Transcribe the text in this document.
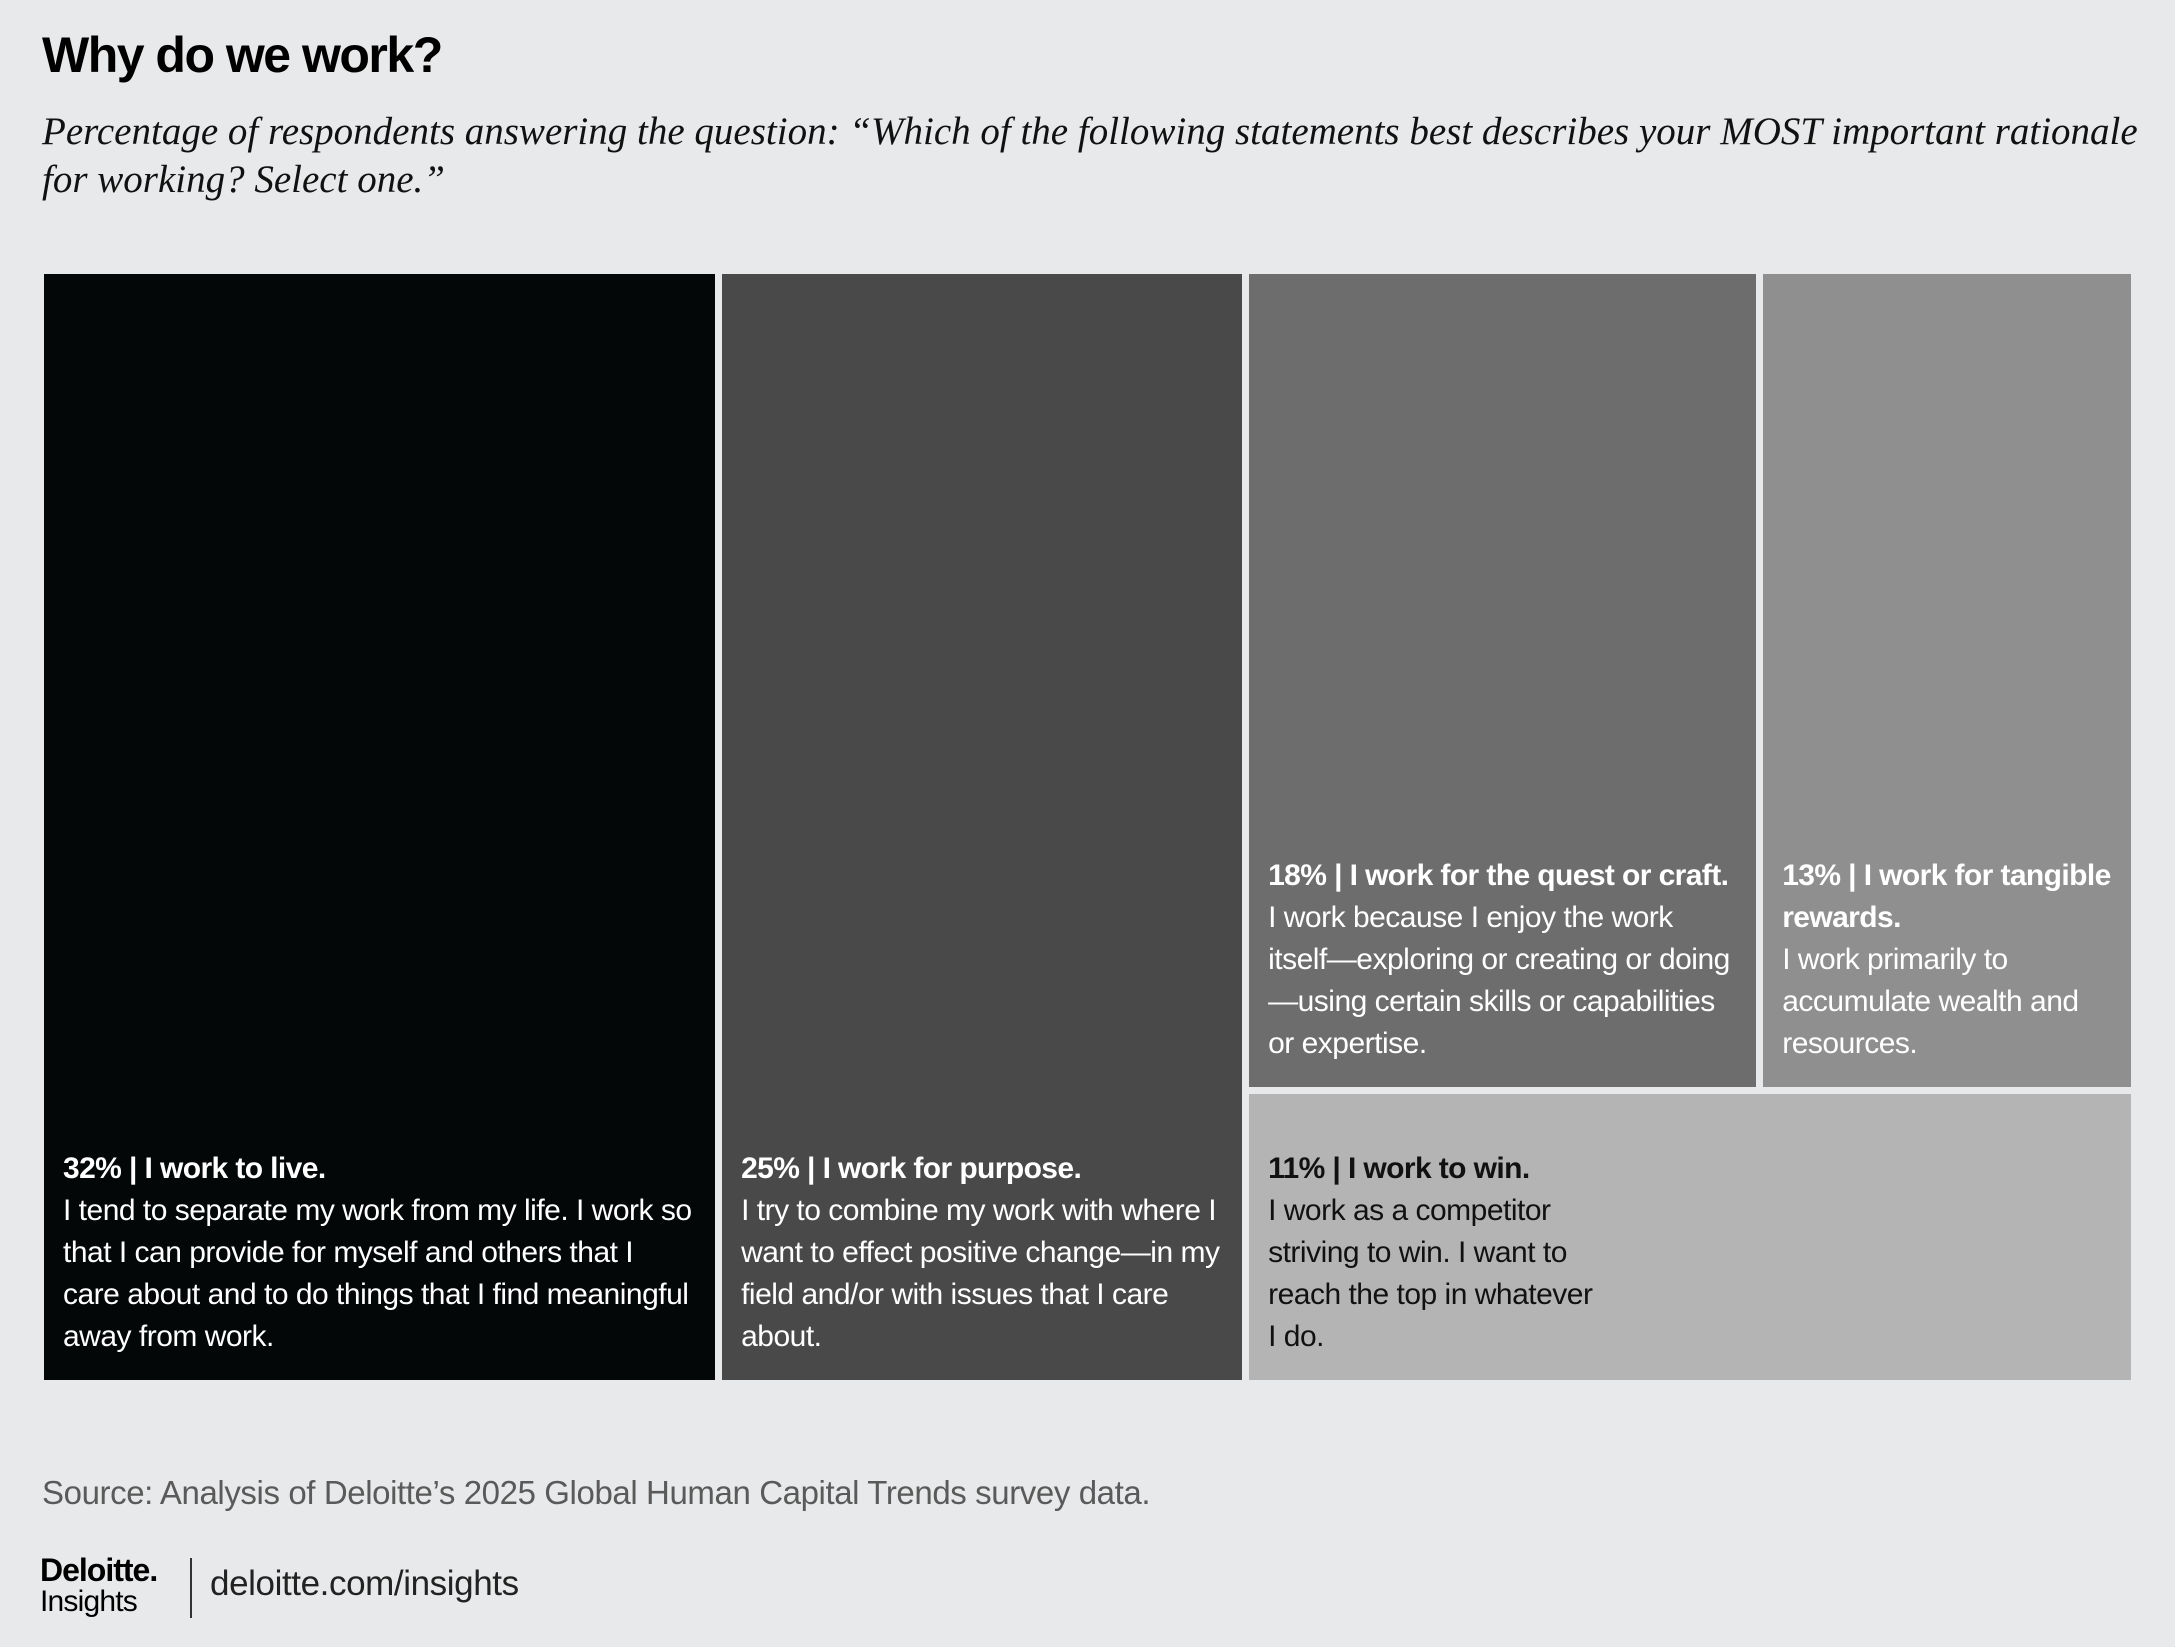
Why do we work?

Percentage of respondents answering the question: “Which of the following statements best describes your MOST important rationale for working? Select one.”

32% | I work to live.
I tend to separate my work from my life. I work so that I can provide for myself and others that I care about and to do things that I find meaningful away from work.
25% | I work for purpose.
I try to combine my work with where I want to effect positive change—in my field and/or with issues that I care about.
18% | I work for the quest or craft.
I work because I enjoy the work itself—exploring or creating or doing—using certain skills or capabilities or expertise.
13% | I work for tangible rewards.
I work primarily to accumulate wealth and resources.
11% | I work to win.
I work as a competitor striving to win. I want to reach the top in whatever I do.
Source: Analysis of Deloitte’s 2025 Global Human Capital Trends survey data.
Deloitte.
Insights	deloitte.com/insights
